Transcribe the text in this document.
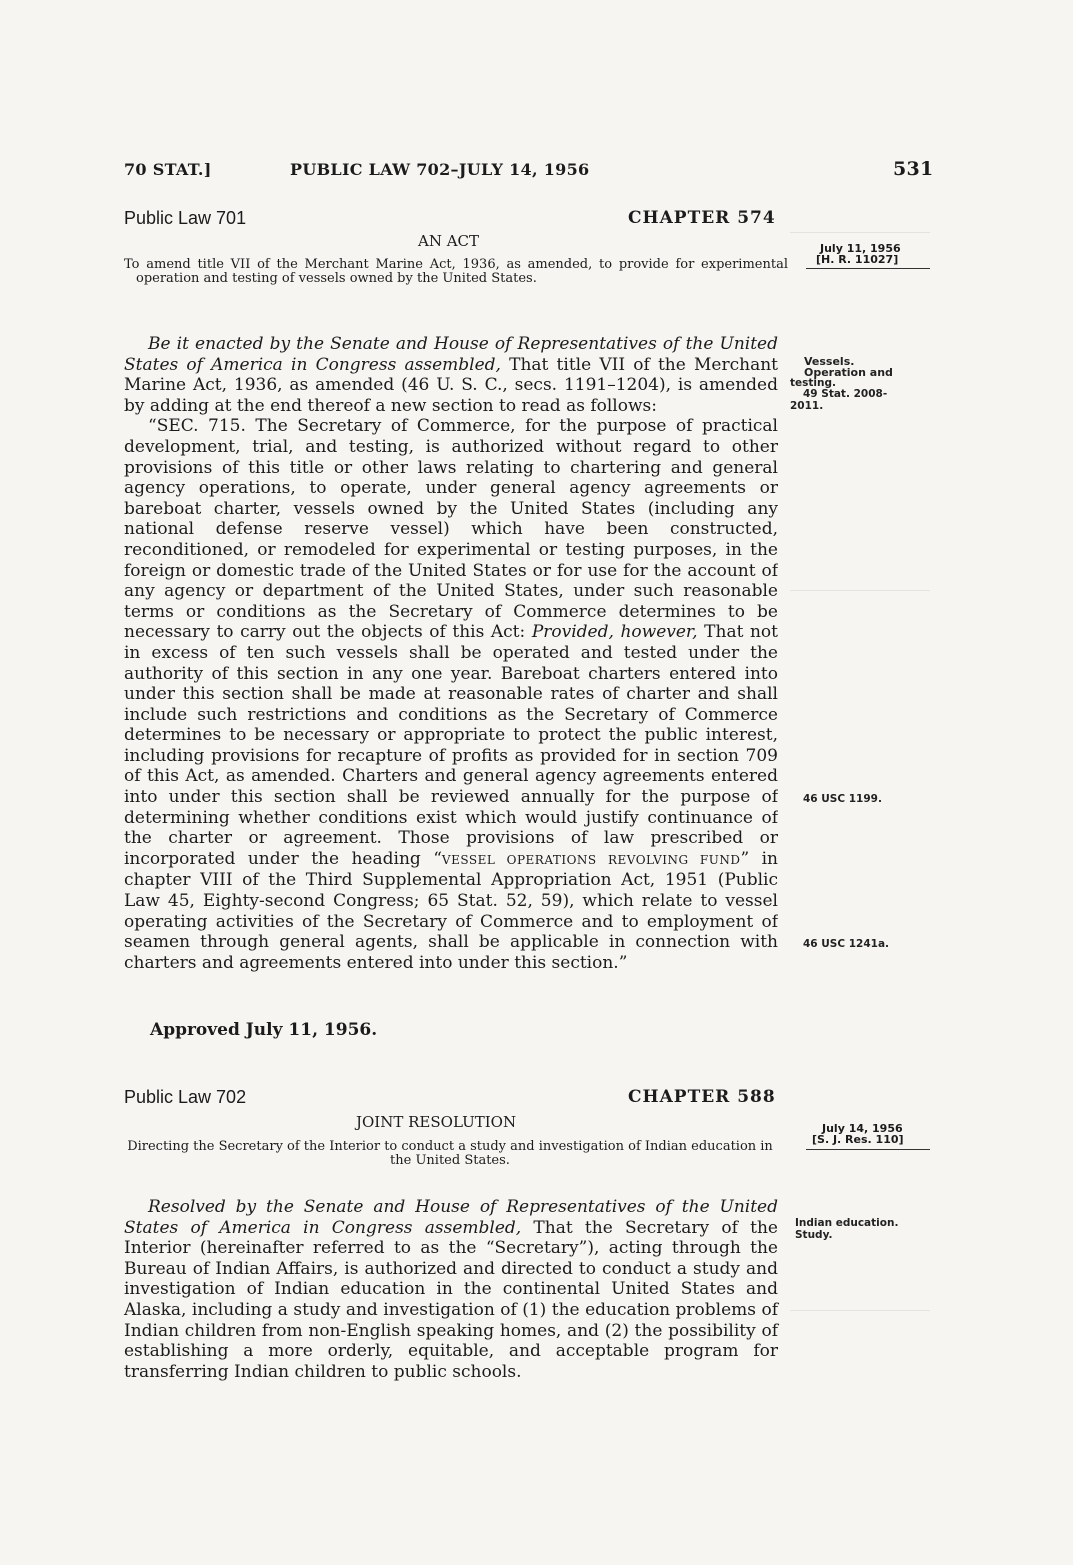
70 STAT.]	PUBLIC LAW 702–JULY 14, 1956	531
Public Law 701	CHAPTER 574
AN ACT	July 11, 1956
[H. R. 11027]
To amend title VII of the Merchant Marine Act, 1936, as amended, to provide for experimental operation and testing of vessels owned by the United States.

Be it enacted by the Senate and House of Representatives of the United States of America in Congress assembled, That title VII of the Merchant Marine Act, 1936, as amended (46 U. S. C., secs. 1191–1204), is amended by adding at the end thereof a new section to read as follows:

“SEC. 715. The Secretary of Commerce, for the purpose of practical development, trial, and testing, is authorized without regard to other provisions of this title or other laws relating to chartering and general agency operations, to operate, under general agency agreements or bareboat charter, vessels owned by the United States (including any national defense reserve vessel) which have been constructed, reconditioned, or remodeled for experimental or testing purposes, in the foreign or domestic trade of the United States or for use for the account of any agency or department of the United States, under such reasonable terms or conditions as the Secretary of Commerce determines to be necessary to carry out the objects of this Act: Provided, however, That not in excess of ten such vessels shall be operated and tested under the authority of this section in any one year. Bareboat charters entered into under this section shall be made at reasonable rates of charter and shall include such restrictions and conditions as the Secretary of Commerce determines to be necessary or appropriate to protect the public interest, including provisions for recapture of profits as provided for in section 709 of this Act, as amended. Charters and general agency agreements entered into under this section shall be reviewed annually for the purpose of determining whether conditions exist which would justify continuance of the charter or agreement. Those provisions of law prescribed or incorporated under the heading “VESSEL OPERATIONS REVOLVING FUND” in chapter VIII of the Third Supplemental Appropriation Act, 1951 (Public Law 45, Eighty-second Congress; 65 Stat. 52, 59), which relate to vessel operating activities of the Secretary of Commerce and to employment of seamen through general agents, shall be applicable in connection with charters and agreements entered into under this section.”

Approved July 11, 1956.
Vessels.
Operation and
testing.
49 Stat. 2008-
2011.
46 USC 1199.
46 USC 1241a.
Public Law 702	CHAPTER 588
JOINT RESOLUTION	July 14, 1956
[S. J. Res. 110]
Directing the Secretary of the Interior to conduct a study and investigation of Indian education in the United States.

Resolved by the Senate and House of Representatives of the United States of America in Congress assembled, That the Secretary of the Interior (hereinafter referred to as the “Secretary”), acting through the Bureau of Indian Affairs, is authorized and directed to conduct a study and investigation of Indian education in the continental United States and Alaska, including a study and investigation of (1) the education problems of Indian children from non-English speaking homes, and (2) the possibility of establishing a more orderly, equitable, and acceptable program for transferring Indian children to public schools.

Indian education.
Study.
